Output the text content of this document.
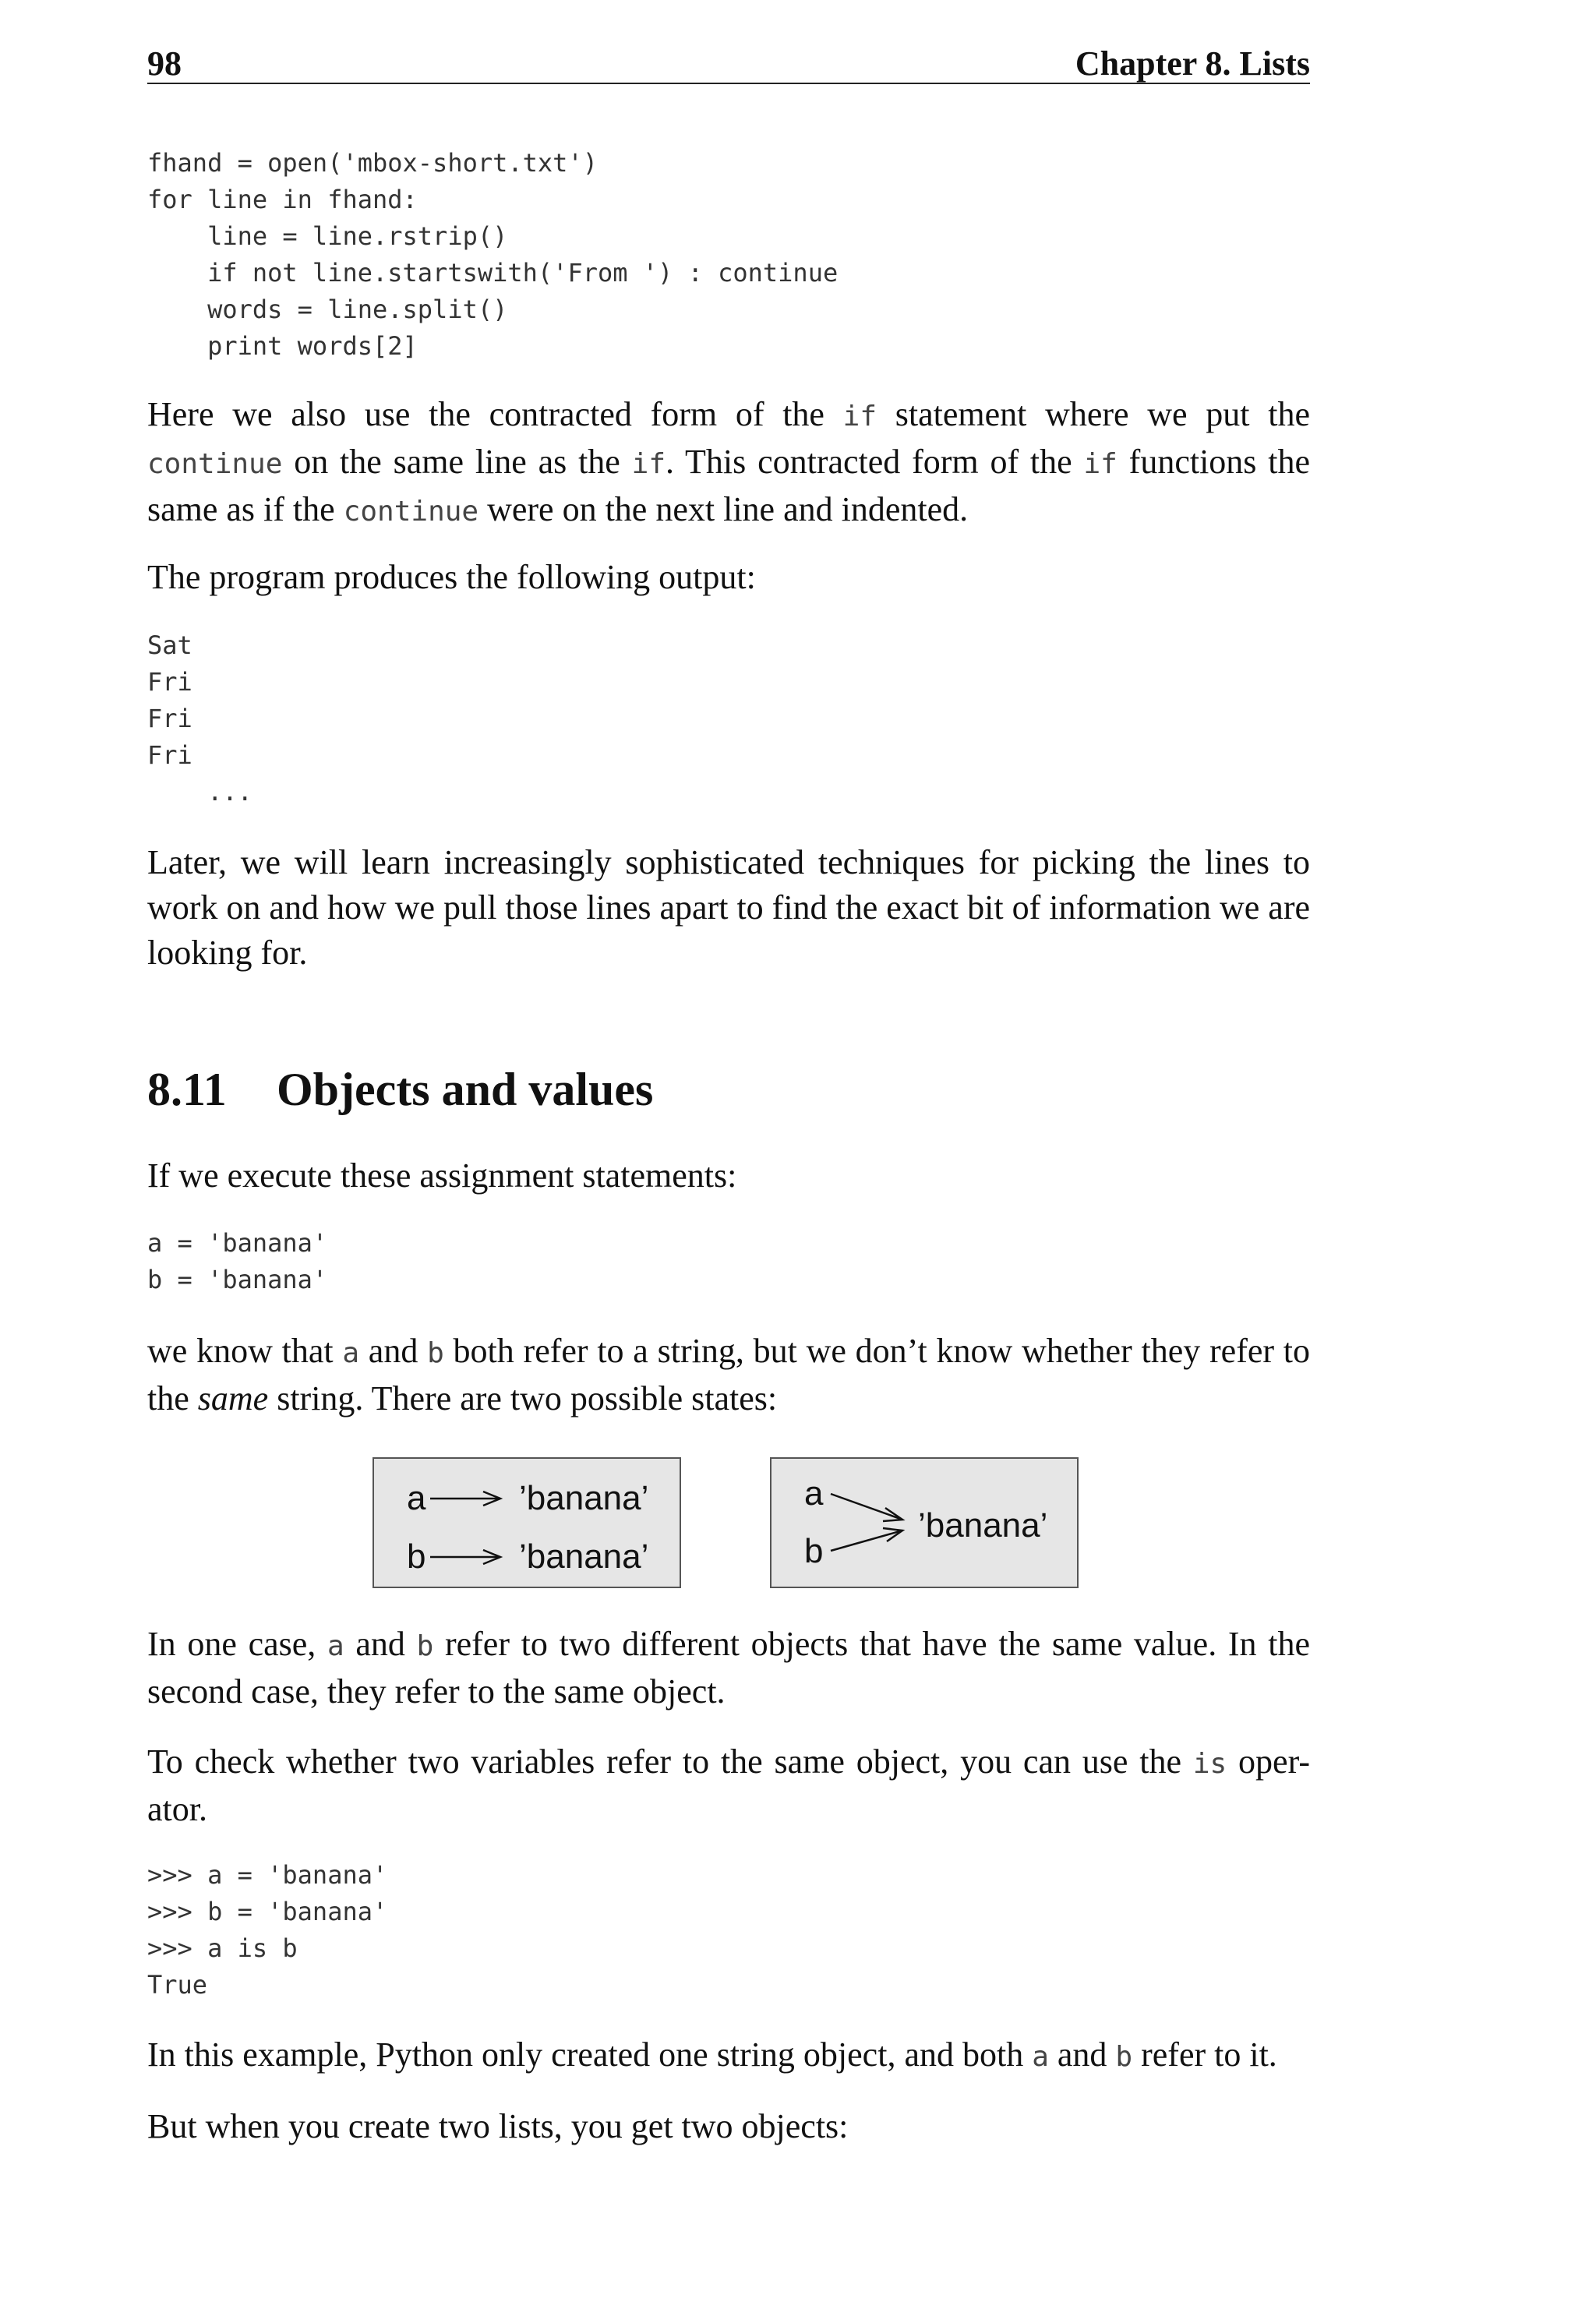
98	Chapter 8. Lists
fhand = open('mbox-short.txt')
for line in fhand:
line = line.rstrip()
if not line.startswith('From ') : continue
words = line.split()
print words[2]

Here we also use the contracted form of the if statement where we put the continue on the same line as the if. This contracted form of the if functions the same as if the continue were on the next line and indented.

The program produces the following output:

Sat
Fri
Fri
Fri
...

Later, we will learn increasingly sophisticated techniques for picking the lines to work on and how we pull those lines apart to find the exact bit of information we are looking for.

8.11 Objects and values

If we execute these assignment statements:

a = 'banana'
b = 'banana'

we know that a and b both refer to a string, but we don’t know whether they refer to the same string. There are two possible states:

a	’banana’
b	’banana’
a
b
’banana’

In one case, a and b refer to two different objects that have the same value. In the second case, they refer to the same object.

To check whether two variables refer to the same object, you can use the is oper-ator.

>>> a = 'banana'
>>> b = 'banana'
>>> a is b
True

In this example, Python only created one string object, and both a and b refer to it.

But when you create two lists, you get two objects:
